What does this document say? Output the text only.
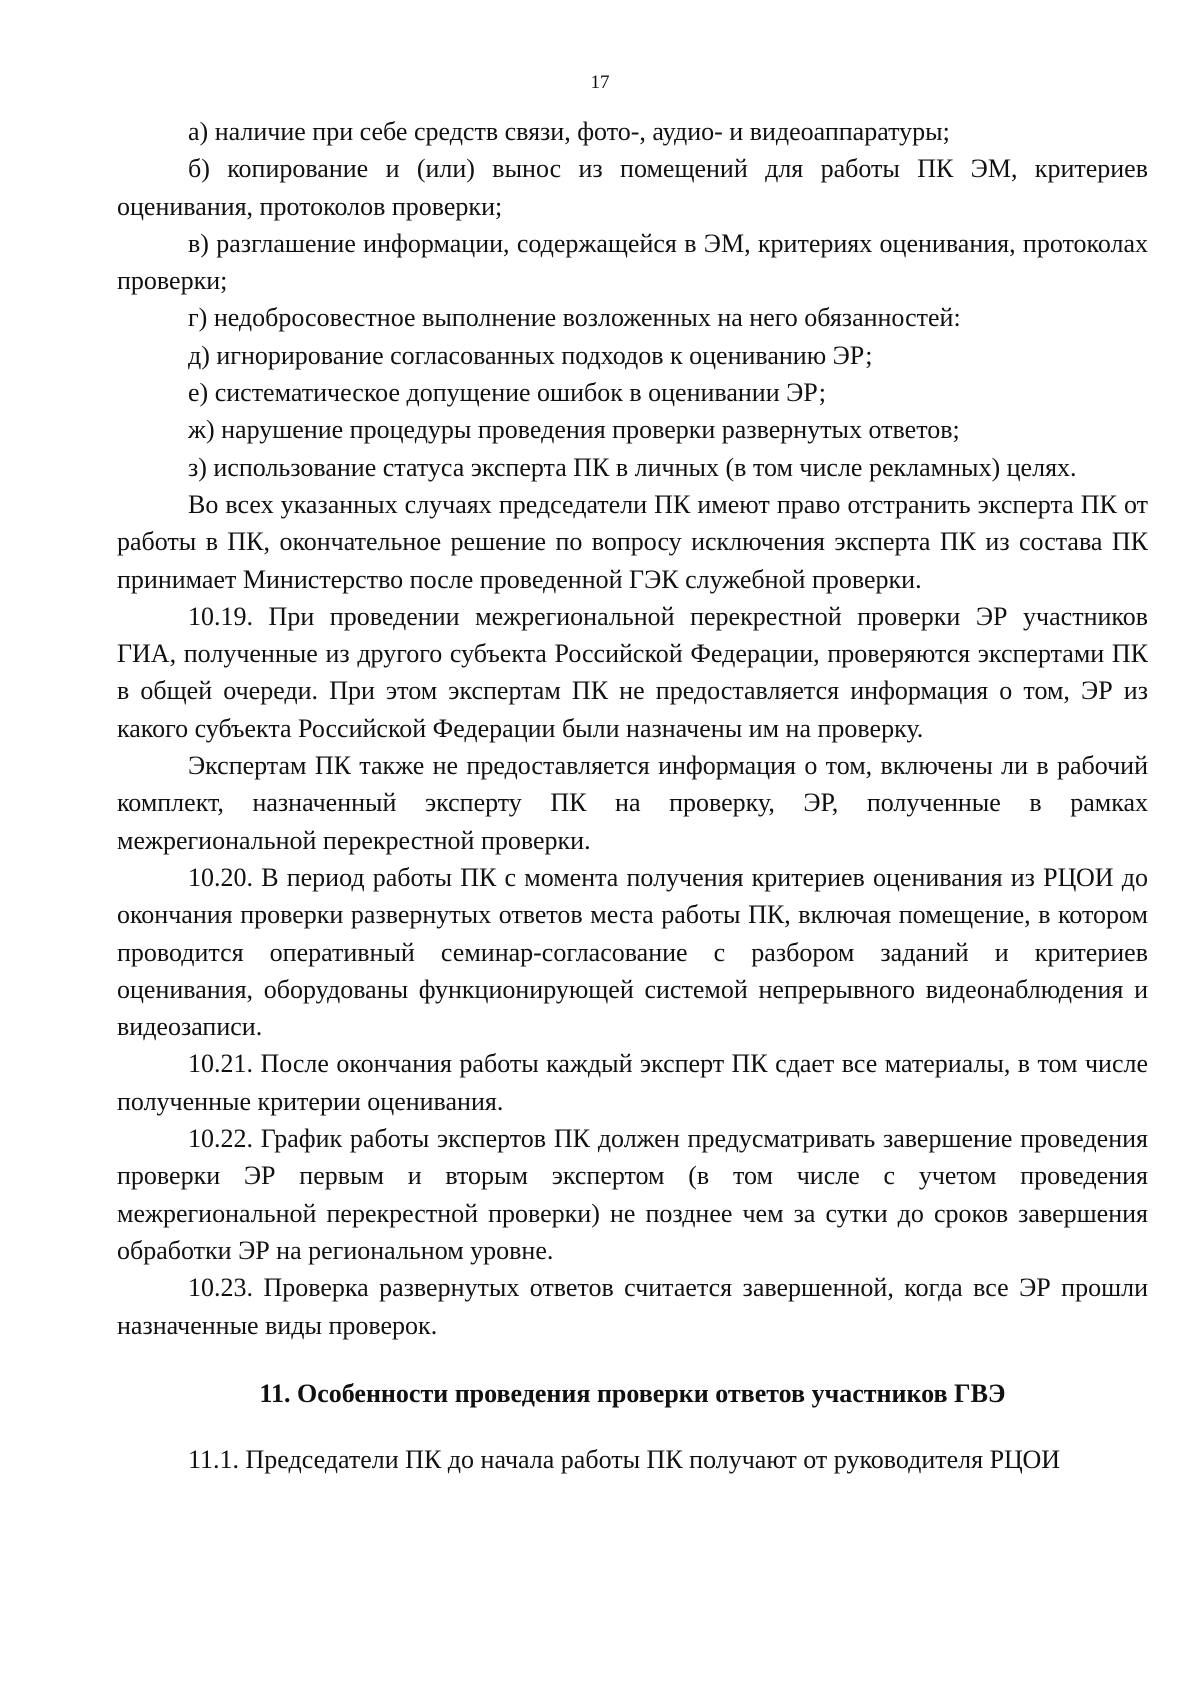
17

а) наличие при себе средств связи, фото-, аудио- и видеоаппаратуры;

б) копирование и (или) вынос из помещений для работы ПК ЭМ, критериев оценивания, протоколов проверки;

в) разглашение информации, содержащейся в ЭМ, критериях оценивания, протоколах проверки;

г) недобросовестное выполнение возложенных на него обязанностей:

д) игнорирование согласованных подходов к оцениванию ЭР;

е) систематическое допущение ошибок в оценивании ЭР;

ж) нарушение процедуры проведения проверки развернутых ответов;

з) использование статуса эксперта ПК в личных (в том числе рекламных) целях.

Во всех указанных случаях председатели ПК имеют право отстранить эксперта ПК от работы в ПК, окончательное решение по вопросу исключения эксперта ПК из состава ПК принимает Министерство после проведенной ГЭК служебной проверки.

10.19. При проведении межрегиональной перекрестной проверки ЭР участников ГИА, полученные из другого субъекта Российской Федерации, проверяются экспертами ПК в общей очереди. При этом экспертам ПК не предоставляется информация о том, ЭР из какого субъекта Российской Федерации были назначены им на проверку.

Экспертам ПК также не предоставляется информация о том, включены ли в рабочий комплект, назначенный эксперту ПК на проверку, ЭР, полученные в рамках межрегиональной перекрестной проверки.

10.20. В период работы ПК с момента получения критериев оценивания из РЦОИ до окончания проверки развернутых ответов места работы ПК, включая помещение, в котором проводится оперативный семинар-согласование с разбором заданий и критериев оценивания, оборудованы функционирующей системой непрерывного видеонаблюдения и видеозаписи.

10.21. После окончания работы каждый эксперт ПК сдает все материалы, в том числе полученные критерии оценивания.

10.22. График работы экспертов ПК должен предусматривать завершение проведения проверки ЭР первым и вторым экспертом (в том числе с учетом проведения межрегиональной перекрестной проверки) не позднее чем за сутки до сроков завершения обработки ЭР на региональном уровне.

10.23. Проверка развернутых ответов считается завершенной, когда все ЭР прошли назначенные виды проверок.

11. Особенности проведения проверки ответов участников ГВЭ

11.1. Председатели ПК до начала работы ПК получают от руководителя РЦОИ
